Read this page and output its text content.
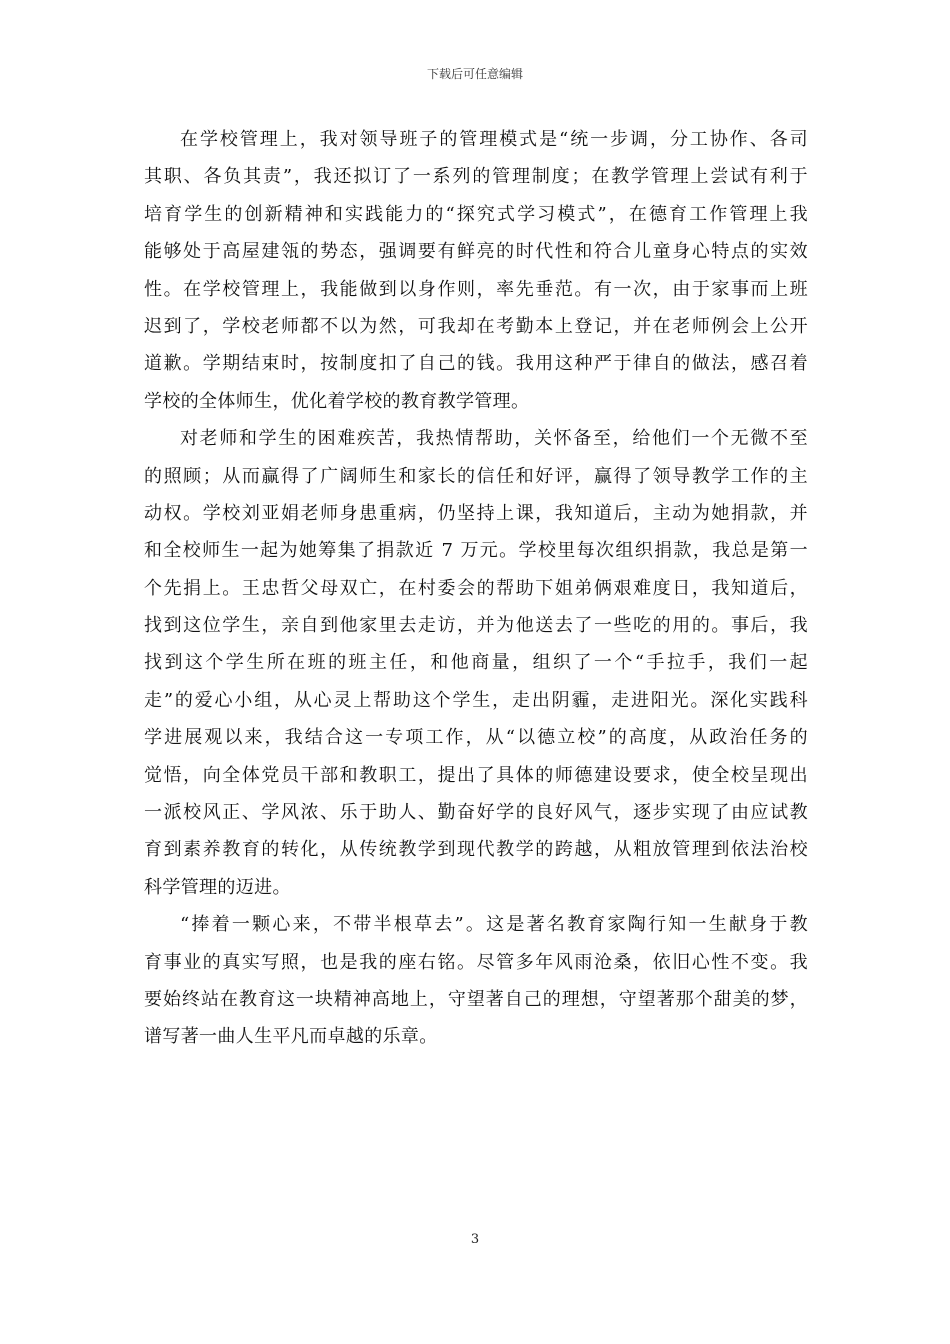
下载后可任意编辑
在学校管理上，我对领导班子的管理模式是“统一步调，分工协作、各司
其职、各负其责”，我还拟订了一系列的管理制度；在教学管理上尝试有利于
培育学生的创新精神和实践能力的“探究式学习模式”，在德育工作管理上我
能够处于高屋建瓴的势态，强调要有鲜亮的时代性和符合儿童身心特点的实效
性。在学校管理上，我能做到以身作则，率先垂范。有一次，由于家事而上班
迟到了，学校老师都不以为然，可我却在考勤本上登记，并在老师例会上公开
道歉。学期结束时，按制度扣了自己的钱。我用这种严于律自的做法，感召着
学校的全体师生，优化着学校的教育教学管理。
对老师和学生的困难疾苦，我热情帮助，关怀备至，给他们一个无微不至
的照顾；从而赢得了广阔师生和家长的信任和好评，赢得了领导教学工作的主
动权。学校刘亚娟老师身患重病，仍坚持上课，我知道后，主动为她捐款，并
和全校师生一起为她筹集了捐款近 7 万元。学校里每次组织捐款，我总是第一
个先捐上。王忠哲父母双亡，在村委会的帮助下姐弟俩艰难度日，我知道后，
找到这位学生，亲自到他家里去走访，并为他送去了一些吃的用的。事后，我
找到这个学生所在班的班主任，和他商量，组织了一个“手拉手，我们一起
走”的爱心小组，从心灵上帮助这个学生，走出阴霾，走进阳光。深化实践科
学进展观以来，我结合这一专项工作，从“以德立校”的高度，从政治任务的
觉悟，向全体党员干部和教职工，提出了具体的师德建设要求，使全校呈现出
一派校风正、学风浓、乐于助人、勤奋好学的良好风气，逐步实现了由应试教
育到素养教育的转化，从传统教学到现代教学的跨越，从粗放管理到依法治校
科学管理的迈进。
“捧着一颗心来，不带半根草去”。这是著名教育家陶行知一生献身于教
育事业的真实写照，也是我的座右铭。尽管多年风雨沧桑，依旧心性不变。我
要始终站在教育这一块精神高地上，守望著自己的理想，守望著那个甜美的梦，
谱写著一曲人生平凡而卓越的乐章。
3
